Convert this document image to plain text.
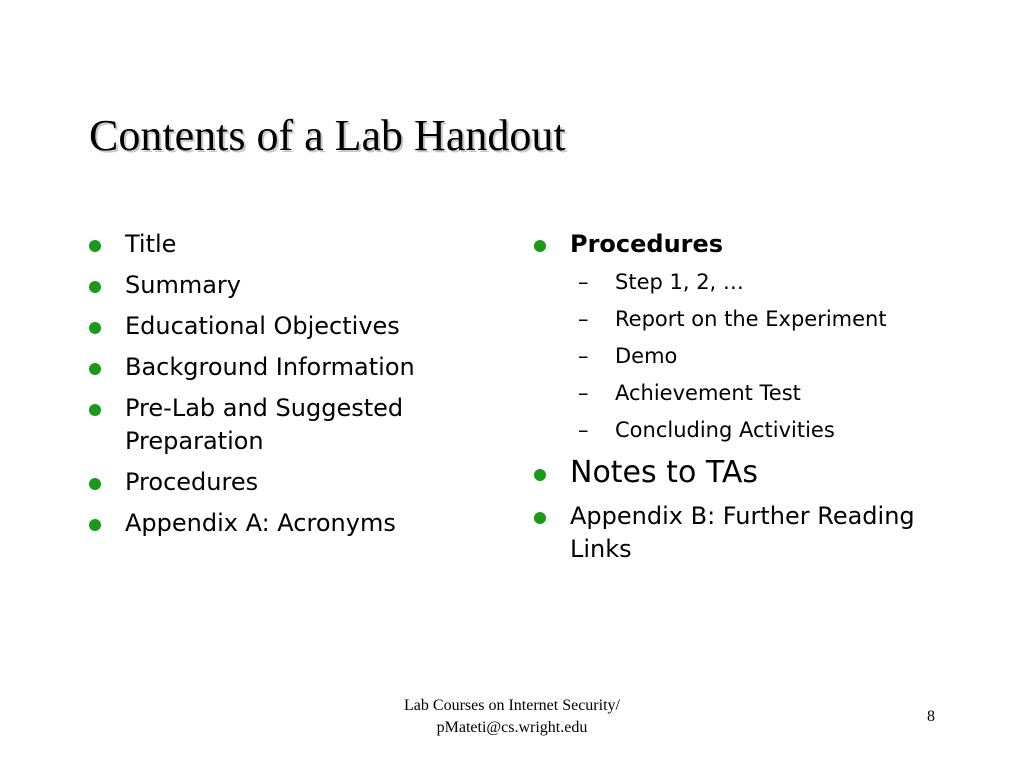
Contents of a Lab Handout
Title
Summary
Educational Objectives
Background Information
Pre-Lab and Suggested Preparation
Procedures
Appendix A: Acronyms
Procedures
– Step 1, 2, …
– Report on the Experiment
– Demo
– Achievement Test
– Concluding Activities
Notes to TAs
Appendix B: Further Reading Links
Lab Courses on Internet Security/
pMateti@cs.wright.edu
8
